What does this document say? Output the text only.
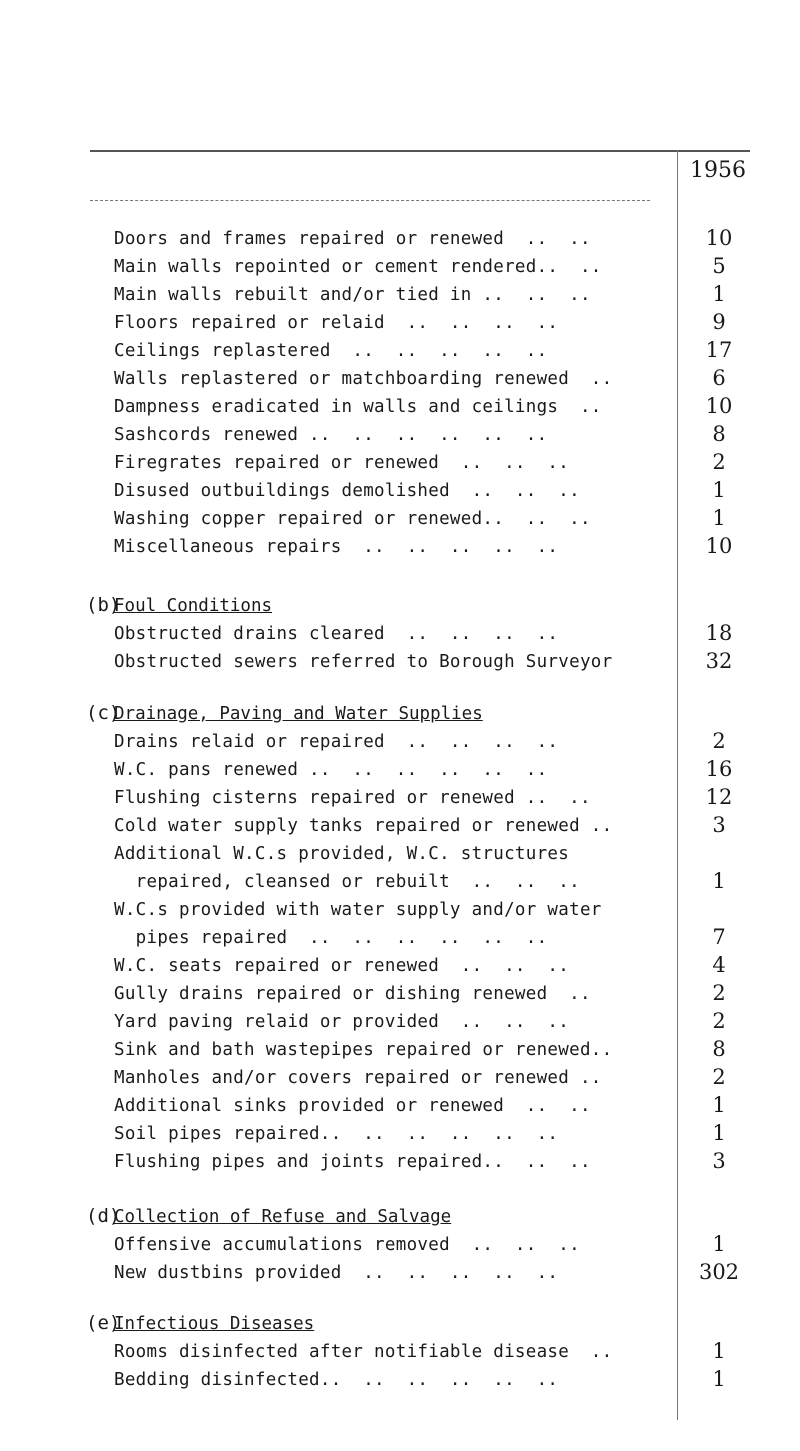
1956
Doors and frames repaired or renewed  ..  ..	10
Main walls repointed or cement rendered..  ..	5
Main walls rebuilt and/or tied in ..  ..  ..	1
Floors repaired or relaid  ..  ..  ..  ..	9
Ceilings replastered  ..  ..  ..  ..  ..	17
Walls replastered or matchboarding renewed  ..	6
Dampness eradicated in walls and ceilings  ..	10
Sashcords renewed ..  ..  ..  ..  ..  ..	8
Firegrates repaired or renewed  ..  ..  ..	2
Disused outbuildings demolished  ..  ..  ..	1
Washing copper repaired or renewed..  ..  ..	1
Miscellaneous repairs  ..  ..  ..  ..  ..	10
(b)
Foul Conditions
Obstructed drains cleared  ..  ..  ..  ..	18
Obstructed sewers referred to Borough Surveyor	32
(c)
Drainage, Paving and Water Supplies
Drains relaid or repaired  ..  ..  ..  ..	2
W.C. pans renewed ..  ..  ..  ..  ..  ..	16
Flushing cisterns repaired or renewed ..  ..	12
Cold water supply tanks repaired or renewed ..	3
Additional W.C.s provided, W.C. structures
repaired, cleansed or rebuilt  ..  ..  ..	1
W.C.s provided with water supply and/or water
pipes repaired  ..  ..  ..  ..  ..  ..	7
W.C. seats repaired or renewed  ..  ..  ..	4
Gully drains repaired or dishing renewed  ..	2
Yard paving relaid or provided  ..  ..  ..	2
Sink and bath wastepipes repaired or renewed..	8
Manholes and/or covers repaired or renewed ..	2
Additional sinks provided or renewed  ..  ..	1
Soil pipes repaired..  ..  ..  ..  ..  ..	1
Flushing pipes and joints repaired..  ..  ..	3
(d)
Collection of Refuse and Salvage
Offensive accumulations removed  ..  ..  ..	1
New dustbins provided  ..  ..  ..  ..  ..	302
(e)
Infectious Diseases
Rooms disinfected after notifiable disease  ..	1
Bedding disinfected..  ..  ..  ..  ..  ..	1
